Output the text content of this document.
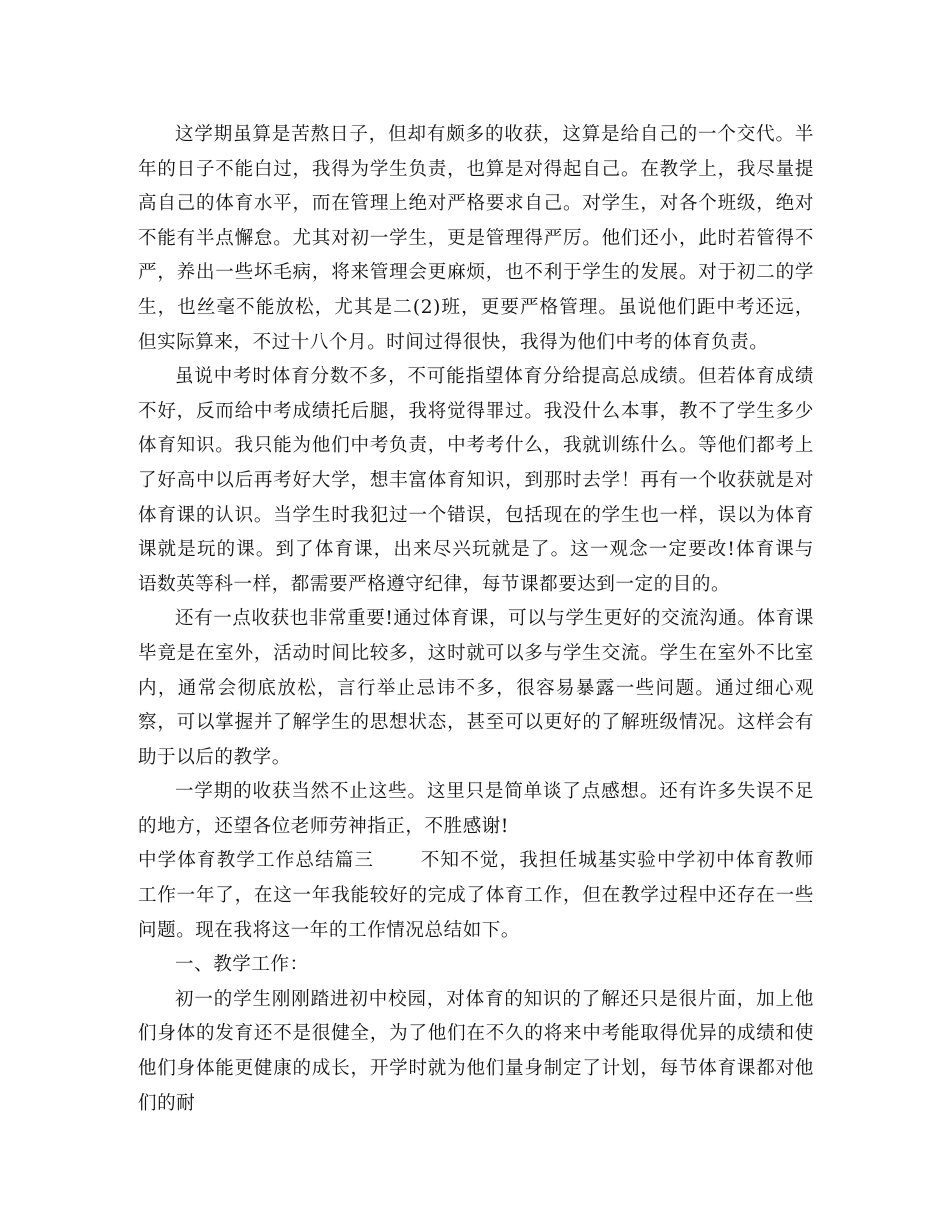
这学期虽算是苦熬日子，但却有颇多的收获，这算是给自己的一个交代。半年的日子不能白过，我得为学生负责，也算是对得起自己。在教学上，我尽量提高自己的体育水平，而在管理上绝对严格要求自己。对学生，对各个班级，绝对不能有半点懈怠。尤其对初一学生，更是管理得严厉。他们还小，此时若管得不严，养出一些坏毛病，将来管理会更麻烦，也不利于学生的发展。对于初二的学生，也丝毫不能放松，尤其是二(2)班，更要严格管理。虽说他们距中考还远，但实际算来，不过十八个月。时间过得很快，我得为他们中考的体育负责。

虽说中考时体育分数不多，不可能指望体育分给提高总成绩。但若体育成绩不好，反而给中考成绩托后腿，我将觉得罪过。我没什么本事，教不了学生多少体育知识。我只能为他们中考负责，中考考什么，我就训练什么。等他们都考上了好高中以后再考好大学，想丰富体育知识，到那时去学！再有一个收获就是对体育课的认识。当学生时我犯过一个错误，包括现在的学生也一样，误以为体育课就是玩的课。到了体育课，出来尽兴玩就是了。这一观念一定要改!体育课与语数英等科一样，都需要严格遵守纪律，每节课都要达到一定的目的。

还有一点收获也非常重要!通过体育课，可以与学生更好的交流沟通。体育课毕竟是在室外，活动时间比较多，这时就可以多与学生交流。学生在室外不比室内，通常会彻底放松，言行举止忌讳不多，很容易暴露一些问题。通过细心观察，可以掌握并了解学生的思想状态，甚至可以更好的了解班级情况。这样会有助于以后的教学。

一学期的收获当然不止这些。这里只是简单谈了点感想。还有许多失误不足的地方，还望各位老师劳神指正，不胜感谢!

中学体育教学工作总结篇三 不知不觉，我担任城基实验中学初中体育教师工作一年了，在这一年我能较好的完成了体育工作，但在教学过程中还存在一些问题。现在我将这一年的工作情况总结如下。

一、教学工作：

初一的学生刚刚踏进初中校园，对体育的知识的了解还只是很片面，加上他们身体的发育还不是很健全，为了他们在不久的将来中考能取得优异的成绩和使他们身体能更健康的成长，开学时就为他们量身制定了计划，每节体育课都对他们的耐
